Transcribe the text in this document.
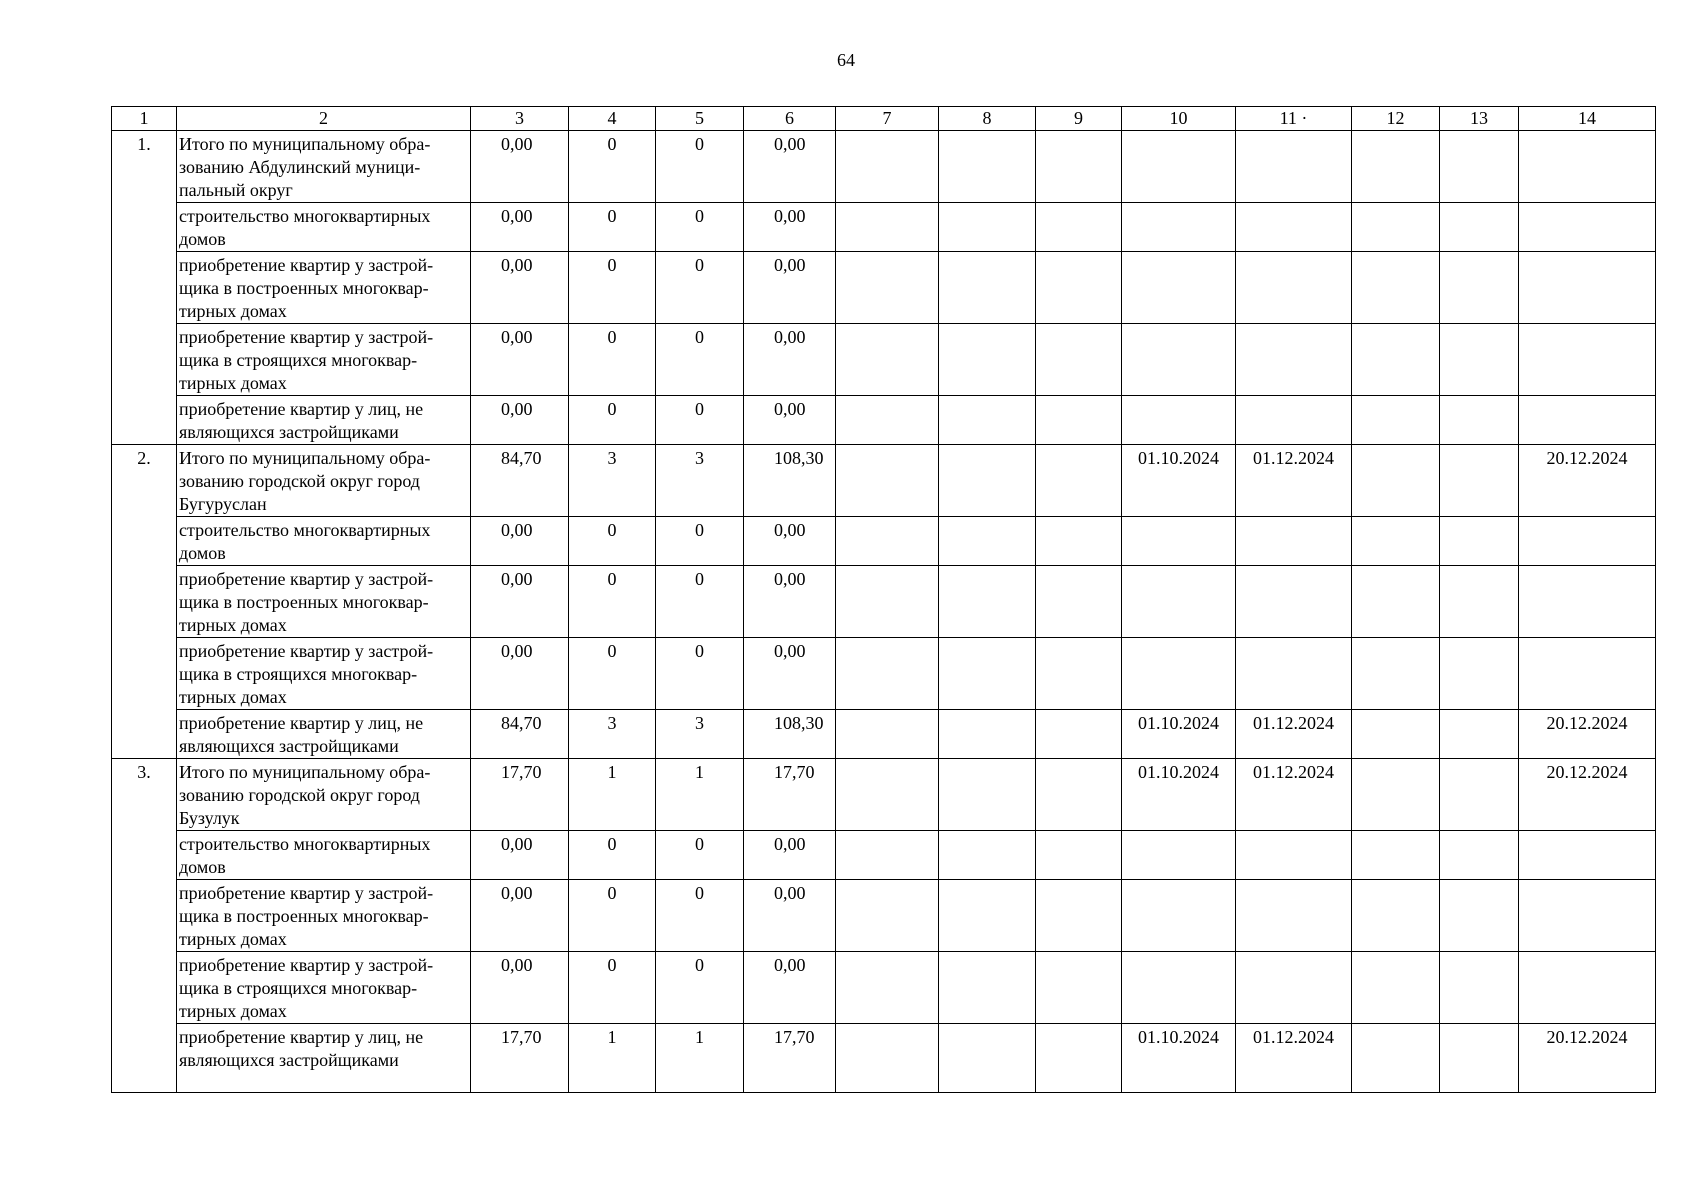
64
1	2	3	4	5	6	7	8	9	10	11 ·	12	13	14
1.	Итого по муниципальному обра-зованию Абдулинский муници-пальный округ	0,00	0	0	0,00								
	строительство многоквартирных домов	0,00	0	0	0,00								
	приобретение квартир у застрой-щика в построенных многоквар-тирных домах	0,00	0	0	0,00								
	приобретение квартир у застрой-щика в строящихся многоквар-тирных домах	0,00	0	0	0,00								
	приобретение квартир у лиц, не являющихся застройщиками	0,00	0	0	0,00								
2.	Итого по муниципальному обра-зованию городской округ город Бугуруслан	84,70	3	3	108,30				01.10.2024	01.12.2024			20.12.2024
	строительство многоквартирных домов	0,00	0	0	0,00								
	приобретение квартир у застрой-щика в построенных многоквар-тирных домах	0,00	0	0	0,00								
	приобретение квартир у застрой-щика в строящихся многоквар-тирных домах	0,00	0	0	0,00								
	приобретение квартир у лиц, не являющихся застройщиками	84,70	3	3	108,30				01.10.2024	01.12.2024			20.12.2024
3.	Итого по муниципальному обра-зованию городской округ город Бузулук	17,70	1	1	17,70				01.10.2024	01.12.2024			20.12.2024
	строительство многоквартирных домов	0,00	0	0	0,00								
	приобретение квартир у застрой-щика в построенных многоквар-тирных домах	0,00	0	0	0,00								
	приобретение квартир у застрой-щика в строящихся многоквар-тирных домах	0,00	0	0	0,00								
	приобретение квартир у лиц, не являющихся застройщиками	17,70	1	1	17,70				01.10.2024	01.12.2024			20.12.2024
